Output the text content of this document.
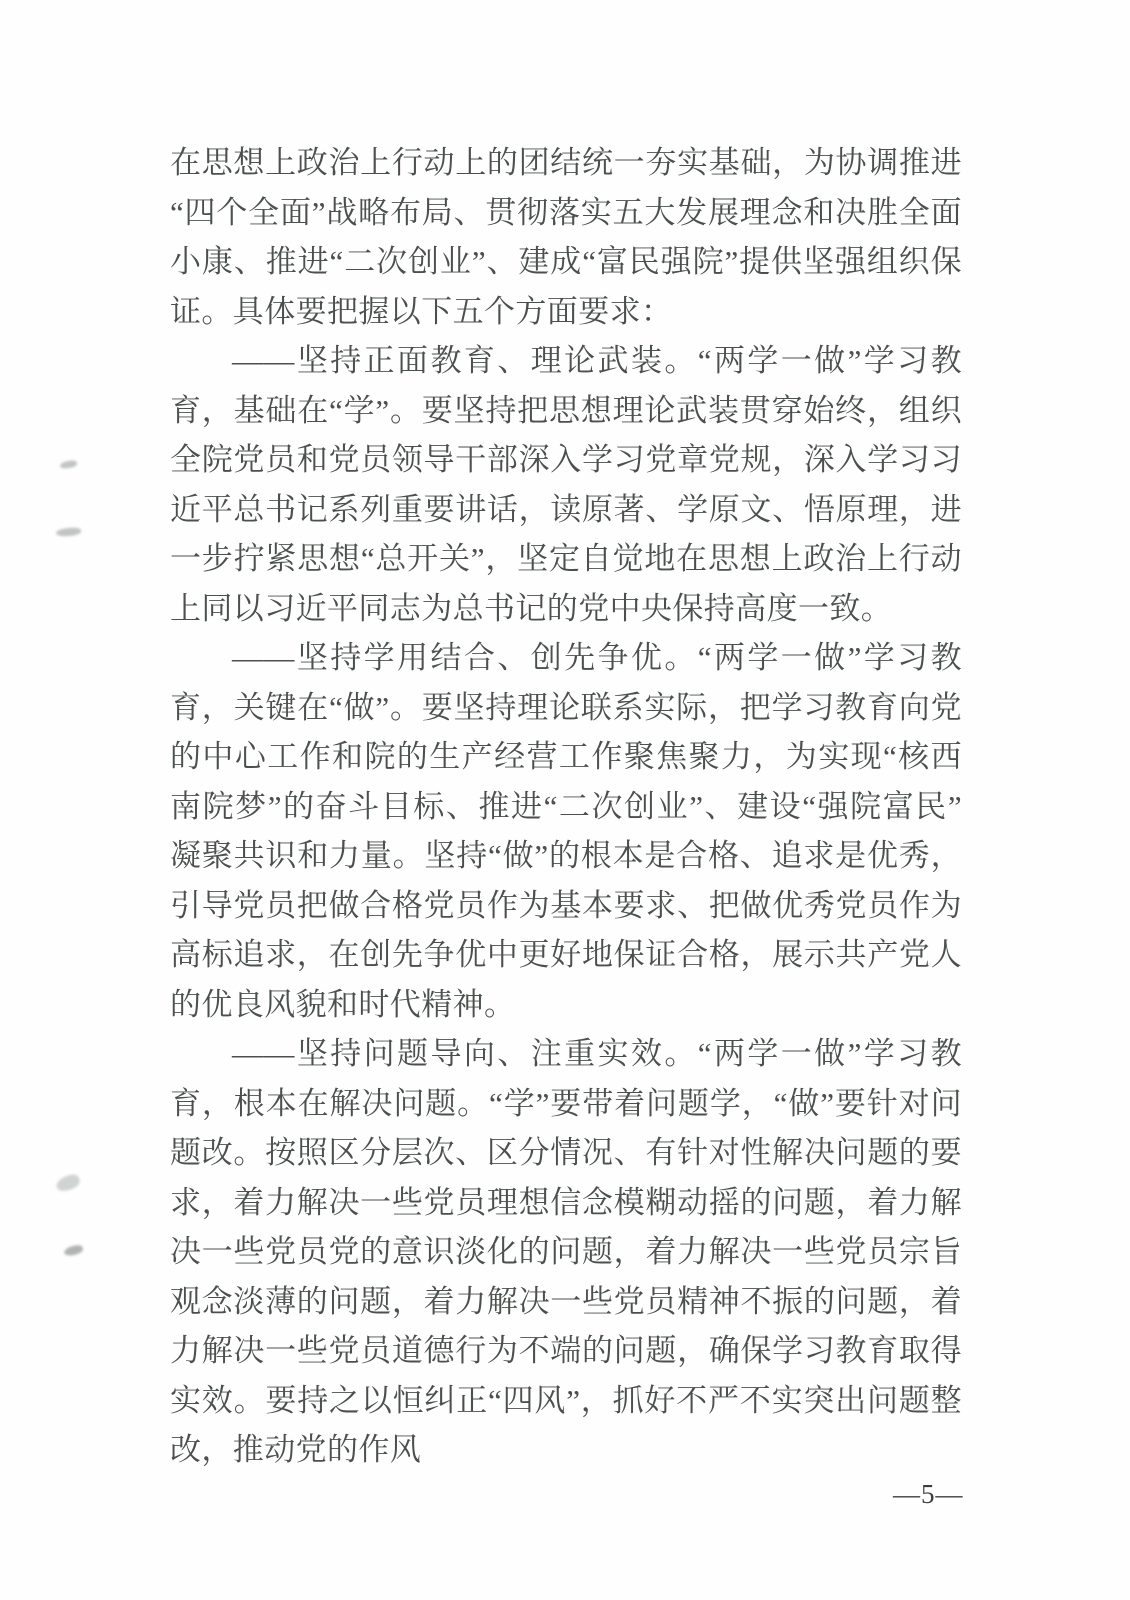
在思想上政治上行动上的团结统一夯实基础，为协调推进“四个全面”战略布局、贯彻落实五大发展理念和决胜全面小康、推进“二次创业”、建成“富民强院”提供坚强组织保证。具体要把握以下五个方面要求：

——坚持正面教育、理论武装。“两学一做”学习教育，基础在“学”。要坚持把思想理论武装贯穿始终，组织全院党员和党员领导干部深入学习党章党规，深入学习习近平总书记系列重要讲话，读原著、学原文、悟原理，进一步拧紧思想“总开关”，坚定自觉地在思想上政治上行动上同以习近平同志为总书记的党中央保持高度一致。

——坚持学用结合、创先争优。“两学一做”学习教育，关键在“做”。要坚持理论联系实际，把学习教育向党的中心工作和院的生产经营工作聚焦聚力，为实现“核西南院梦”的奋斗目标、推进“二次创业”、建设“强院富民”凝聚共识和力量。坚持“做”的根本是合格、追求是优秀，引导党员把做合格党员作为基本要求、把做优秀党员作为高标追求，在创先争优中更好地保证合格，展示共产党人的优良风貌和时代精神。

——坚持问题导向、注重实效。“两学一做”学习教育，根本在解决问题。“学”要带着问题学，“做”要针对问题改。按照区分层次、区分情况、有针对性解决问题的要求，着力解决一些党员理想信念模糊动摇的问题，着力解决一些党员党的意识淡化的问题，着力解决一些党员宗旨观念淡薄的问题，着力解决一些党员精神不振的问题，着力解决一些党员道德行为不端的问题，确保学习教育取得实效。要持之以恒纠正“四风”，抓好不严不实突出问题整改，推动党的作风

—5—
